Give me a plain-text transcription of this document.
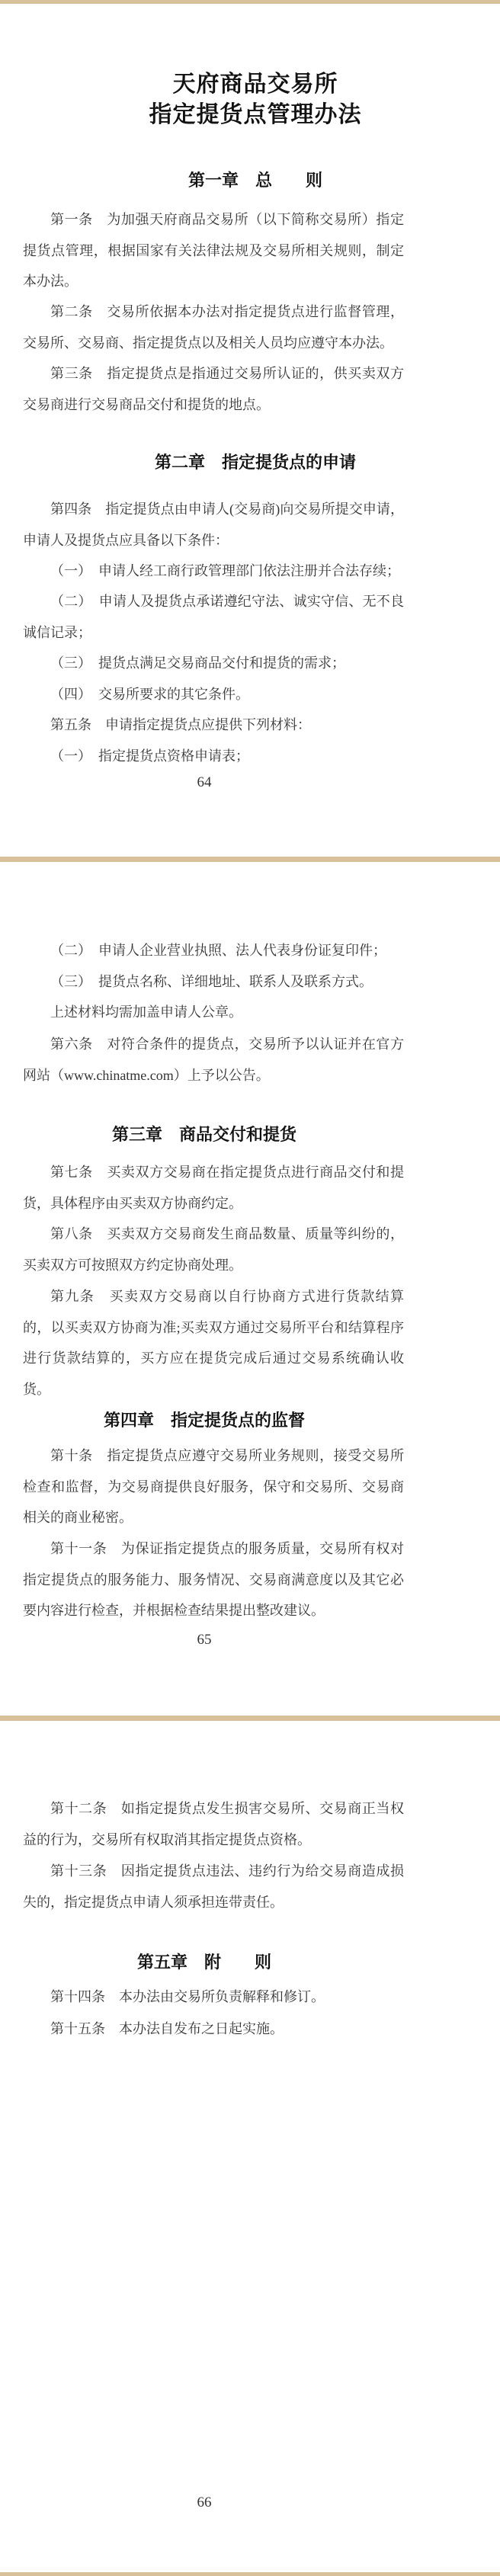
天府商品交易所
指定提货点管理办法
第一章　总　　则
第一条　为加强天府商品交易所（以下简称交易所）指定提货点管理，根据国家有关法律法规及交易所相关规则，制定本办法。
第二条　交易所依据本办法对指定提货点进行监督管理，交易所、交易商、指定提货点以及相关人员均应遵守本办法。
第三条　指定提货点是指通过交易所认证的，供买卖双方交易商进行交易商品交付和提货的地点。
第二章　指定提货点的申请
第四条　指定提货点由申请人(交易商)向交易所提交申请，申请人及提货点应具备以下条件：
（一）　申请人经工商行政管理部门依法注册并合法存续；
（二）　申请人及提货点承诺遵纪守法、诚实守信、无不良诚信记录；
（三）　提货点满足交易商品交付和提货的需求；
（四）　交易所要求的其它条件。
第五条　申请指定提货点应提供下列材料：
（一）　指定提货点资格申请表；
64
（二）　申请人企业营业执照、法人代表身份证复印件；
（三）　提货点名称、详细地址、联系人及联系方式。
上述材料均需加盖申请人公章。
第六条　对符合条件的提货点，交易所予以认证并在官方网站（www.chinatme.com）上予以公告。
第三章　商品交付和提货
第七条　买卖双方交易商在指定提货点进行商品交付和提货，具体程序由买卖双方协商约定。
第八条　买卖双方交易商发生商品数量、质量等纠纷的，买卖双方可按照双方约定协商处理。
第九条　买卖双方交易商以自行协商方式进行货款结算的，以买卖双方协商为准;买卖双方通过交易所平台和结算程序进行货款结算的，买方应在提货完成后通过交易系统确认收货。
第四章　指定提货点的监督
第十条　指定提货点应遵守交易所业务规则，接受交易所检查和监督，为交易商提供良好服务，保守和交易所、交易商相关的商业秘密。
第十一条　为保证指定提货点的服务质量，交易所有权对指定提货点的服务能力、服务情况、交易商满意度以及其它必要内容进行检查，并根据检查结果提出整改建议。
65
第十二条　如指定提货点发生损害交易所、交易商正当权益的行为，交易所有权取消其指定提货点资格。
第十三条　因指定提货点违法、违约行为给交易商造成损失的，指定提货点申请人须承担连带责任。
第五章　附　　则
第十四条　本办法由交易所负责解释和修订。
第十五条　本办法自发布之日起实施。
66
